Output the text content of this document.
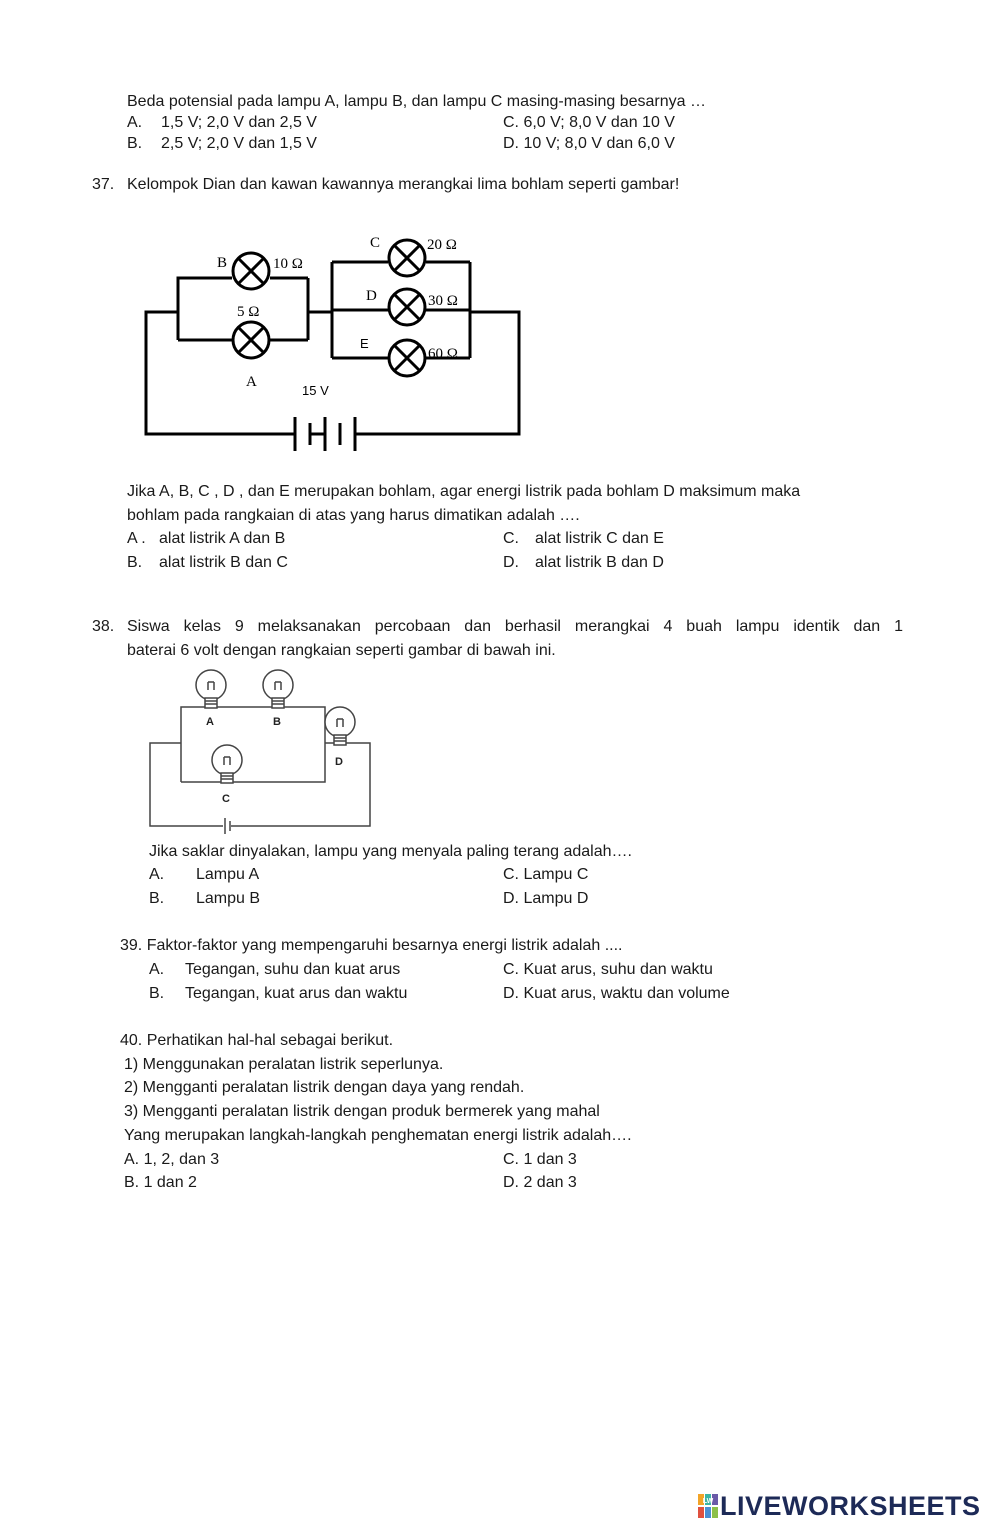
Beda potensial pada lampu A, lampu B, dan lampu C masing-masing besarnya …
A. 1,5 V; 2,0 V dan 2,5 V
B. 2,5 V; 2,0 V dan 1,5 V
C. 6,0 V; 8,0 V dan 10 V
D. 10 V; 8,0 V dan 6,0 V
37. Kelompok Dian dan kawan kawannya merangkai lima bohlam seperti gambar!
B	10 Ω
5 Ω
A
C	20 Ω
D	30 Ω
60 Ω
E
15 V
Jika A, B, C , D , dan E merupakan bohlam, agar energi listrik pada bohlam D maksimum maka
bohlam pada rangkaian di atas yang harus dimatikan adalah ….
A . alat listrik A dan B
B. alat listrik B dan C
C. alat listrik C dan E
D. alat listrik B dan D
38. Siswa kelas 9 melaksanakan percobaan dan berhasil merangkai 4 buah lampu identik dan 1
baterai 6 volt dengan rangkaian seperti gambar di bawah ini.
A	B
C
D
Jika saklar dinyalakan, lampu yang menyala paling terang adalah….
A. Lampu A
B. Lampu B
C. Lampu C
D. Lampu D
39. Faktor-faktor yang mempengaruhi besarnya energi listrik adalah ....
A. Tegangan, suhu dan kuat arus
B. Tegangan, kuat arus dan waktu
C. Kuat arus, suhu dan waktu
D. Kuat arus, waktu dan volume
40. Perhatikan hal-hal sebagai berikut.
1) Menggunakan peralatan listrik seperlunya.
2) Mengganti peralatan listrik dengan daya yang rendah.
3) Mengganti peralatan listrik dengan produk bermerek yang mahal
Yang merupakan langkah-langkah penghematan energi listrik adalah….
A. 1, 2, dan 3
B. 1 dan 2
C. 1 dan 3
D. 2 dan 3
LW LIVEWORKSHEETS
